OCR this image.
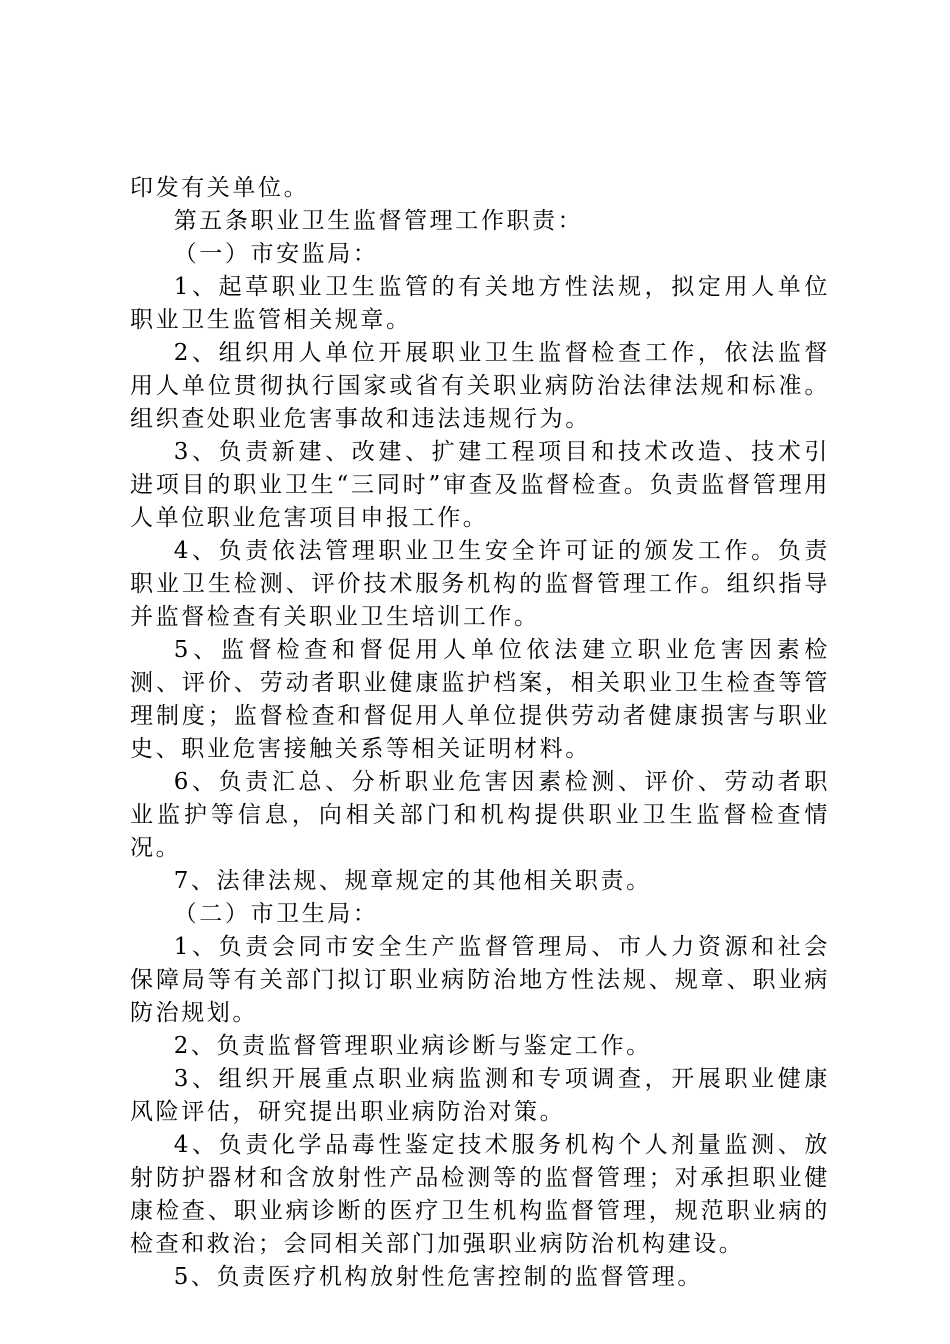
印发有关单位。

第五条职业卫生监督管理工作职责：

（一）市安监局：

1、起草职业卫生监管的有关地方性法规，拟定用人单位职业卫生监管相关规章。

2、组织用人单位开展职业卫生监督检查工作，依法监督用人单位贯彻执行国家或省有关职业病防治法律法规和标准。组织查处职业危害事故和违法违规行为。

3、负责新建、改建、扩建工程项目和技术改造、技术引进项目的职业卫生“三同时”审查及监督检查。负责监督管理用人单位职业危害项目申报工作。

4、负责依法管理职业卫生安全许可证的颁发工作。负责职业卫生检测、评价技术服务机构的监督管理工作。组织指导并监督检查有关职业卫生培训工作。

5、监督检查和督促用人单位依法建立职业危害因素检测、评价、劳动者职业健康监护档案，相关职业卫生检查等管理制度；监督检查和督促用人单位提供劳动者健康损害与职业史、职业危害接触关系等相关证明材料。

6、负责汇总、分析职业危害因素检测、评价、劳动者职业监护等信息，向相关部门和机构提供职业卫生监督检查情况。

7、法律法规、规章规定的其他相关职责。

（二）市卫生局：

1、负责会同市安全生产监督管理局、市人力资源和社会保障局等有关部门拟订职业病防治地方性法规、规章、职业病防治规划。

2、负责监督管理职业病诊断与鉴定工作。

3、组织开展重点职业病监测和专项调查，开展职业健康风险评估，研究提出职业病防治对策。

4、负责化学品毒性鉴定技术服务机构个人剂量监测、放射防护器材和含放射性产品检测等的监督管理；对承担职业健康检查、职业病诊断的医疗卫生机构监督管理，规范职业病的检查和救治；会同相关部门加强职业病防治机构建设。

5、负责医疗机构放射性危害控制的监督管理。
